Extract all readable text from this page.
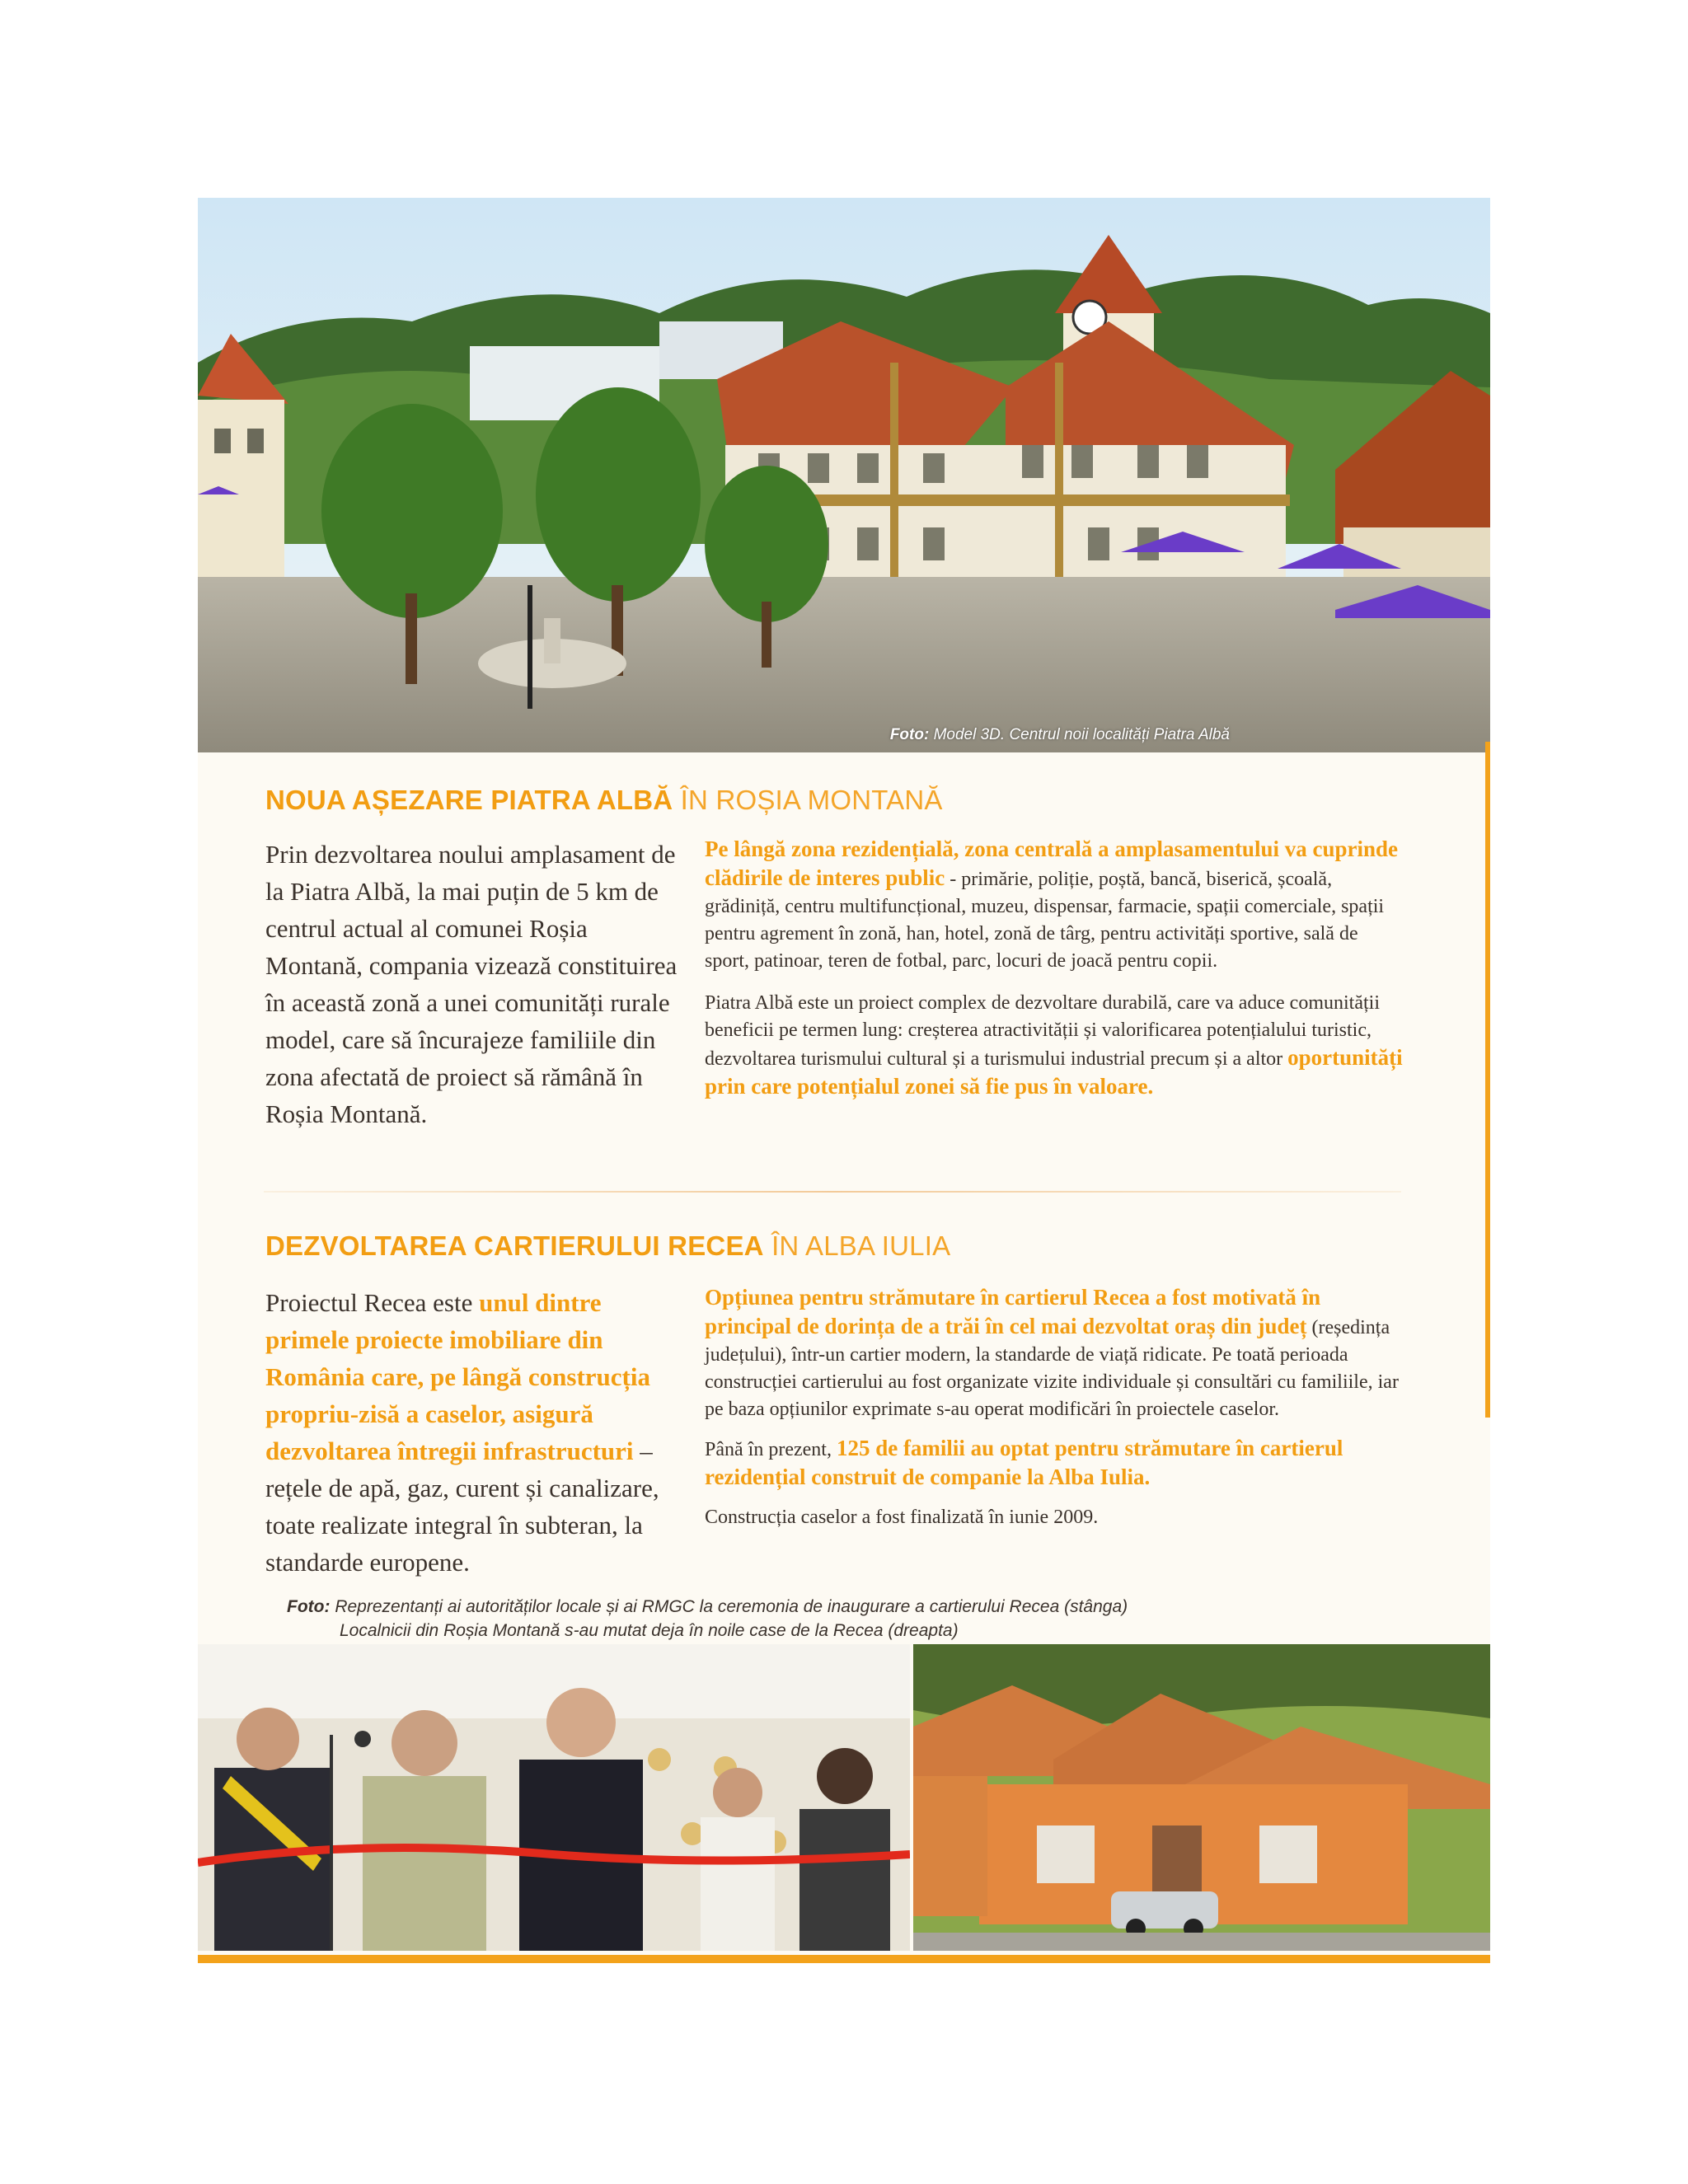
Foto: Model 3D. Centrul noii localități Piatra Albă
NOUA AȘEZARE PIATRA ALBĂ ÎN ROȘIA MONTANĂ
Prin dezvoltarea noului amplasament de la Piatra Albă, la mai puțin de 5 km de centrul actual al comunei Roșia Montană, compania vizează constituirea în această zonă a unei comunități rurale model, care să încurajeze familiile din zona afectată de proiect să rămână în Roșia Montană.

Pe lângă zona rezidențială, zona centrală a amplasamentului va cuprinde clădirile de interes public - primărie, poliție, poștă, bancă, biserică, școală, grădiniță, centru multifuncțional, muzeu, dispensar, farmacie, spații comerciale, spații pentru agrement în zonă, han, hotel, zonă de târg, pentru activități sportive, sală de sport, patinoar, teren de fotbal, parc, locuri de joacă pentru copii.

Piatra Albă este un proiect complex de dezvoltare durabilă, care va aduce comunității beneficii pe termen lung: creșterea atractivității și valorificarea potențialului turistic, dezvoltarea turismului cultural și a turismului industrial precum și a altor oportunități prin care potențialul zonei să fie pus în valoare.

DEZVOLTAREA CARTIERULUI RECEA ÎN ALBA IULIA
Proiectul Recea este unul dintre primele proiecte imobiliare din România care, pe lângă construcția propriu-zisă a caselor, asigură dezvoltarea întregii infrastructuri – rețele de apă, gaz, curent și canalizare, toate realizate integral în subteran, la standarde europene.

Opțiunea pentru strămutare în cartierul Recea a fost motivată în principal de dorința de a trăi în cel mai dezvoltat oraș din județ (reședința județului), într-un cartier modern, la standarde de viață ridicate. Pe toată perioada construcției cartierului au fost organizate vizite individuale și consultări cu familiile, iar pe baza opțiunilor exprimate s-au operat modificări în proiectele caselor.

Până în prezent, 125 de familii au optat pentru strămutare în cartierul rezidențial construit de companie la Alba Iulia.

Construcția caselor a fost finalizată în iunie 2009.

Foto: Reprezentanți ai autorităților locale și ai RMGC la ceremonia de inaugurare a cartierului Recea (stânga)
Localnicii din Roșia Montană s-au mutat deja în noile case de la Recea (dreapta)
